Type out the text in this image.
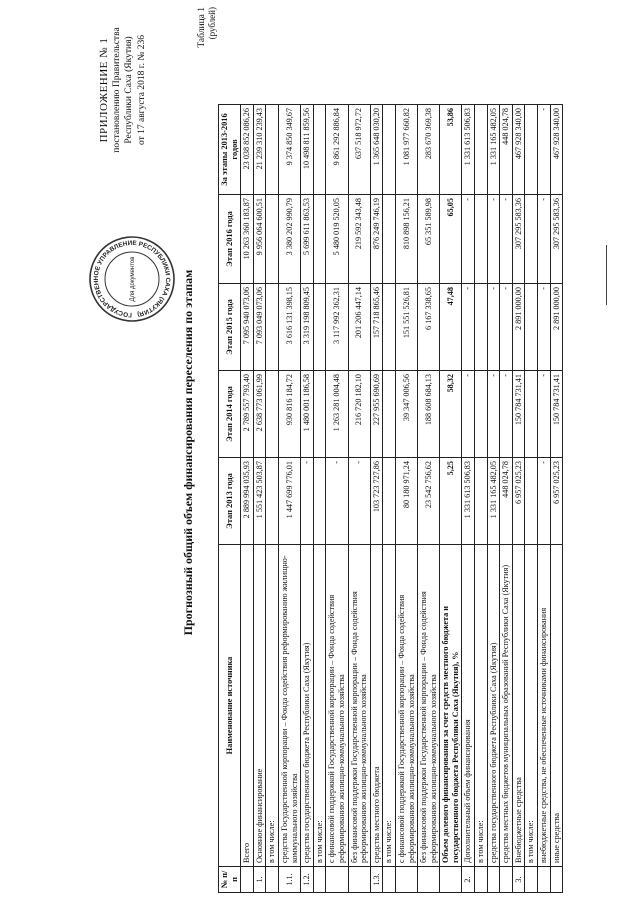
ПРИЛОЖЕНИЕ № 1 постановлению Правительства Республики Саха (Якутия) от 17 августа 2018 г. № 236
ГОСУДАРСТВЕННОЕ УПРАВЛЕНИЕ РЕСПУБЛИКИ САХА (ЯКУТИЯ)
Для документов	Прогнозный общий объем финансирования переселения по этапам
Таблица 1 (рублей)
№ п/п	Наименование источника	Этап 2013 года	Этап 2014 года	Этап 2015 года	Этап 2016 года	За этапы 2013-2016 годов
	Всего	2 889 994 035,93	2 789 557 793,40	7 095 940 073,06	10 263 360 183,87	23 038 852 086,26
1.	Основное финансирование	1 551 423 503,87	2 638 773 061,99	7 093 049 073,06	9 956 064 600,51	21 239 310 239,43
	в том числе:					
1.1.	средства Государственной корпорации – Фонда содействия реформированию жилищно-коммунального хозяйства	1 447 699 776,01	930 816 184,72	3 616 131 398,15	3 380 202 990,79	9 374 850 349,67
1.2.	средства государственного бюджета Республики Саха (Якутия)	-	1 480 001 186,58	3 319 198 809,45	5 699 611 863,53	10 498 811 859,56
	в том числе:					
	с финансовой поддержкой Государственной корпорации – Фонда содействия реформированию жилищно-коммунального хозяйства	-	1 263 281 004,48	3 117 992 362,31	5 480 019 520,05	9 861 292 886,84
	без финансовой поддержки Государственной корпорации – Фонда содействия реформированию жилищно-коммунального хозяйства	-	216 720 182,10	201 206 447,14	219 592 343,48	637 518 972,72
1.3.	средства местного бюджета	103 723 727,86	227 955 690,69	157 718 865,46	876 249 746,19	1 365 648 030,20
	в том числе:					
	с финансовой поддержкой Государственной корпорации – Фонда содействия реформированию жилищно-коммунального хозяйства	80 180 971,24	39 347 006,56	151 551 526,81	810 898 156,21	1 081 977 660,82
	без финансовой поддержки Государственной корпорации – Фонда содействия реформированию жилищно-коммунального хозяйства	23 542 756,62	188 608 684,13	6 167 338,65	65 351 589,98	283 670 369,38
	Объем долевого финансирования за счет средств местного бюджета и государственного бюджета Республики Саха (Якутия), %	5,25	58,32	47,48	65,05	53,86
2.	Дополнительный объем финансирования	1 331 613 506,83	-	-	-	1 331 613 506,83
	в том числе:					
	средства государственного бюджета Республики Саха (Якутия)	1 331 165 482,05	-	-	-	1 331 165 482,05
	средства местных бюджетов муниципальных образований Республики Саха (Якутия)	448 024,78	-	-	-	448 024,78
3.	Внебюджетные средства	6 957 025,23	150 784 731,41	2 891 000,00	307 295 583,36	467 928 340,00
	в том числе:					
	внебюджетные средства, не обеспеченные источниками финансирования	-	-	-	-	-
	иные средства	6 957 025,23	150 784 731,41	2 891 000,00	307 295 583,36	467 928 340,00
